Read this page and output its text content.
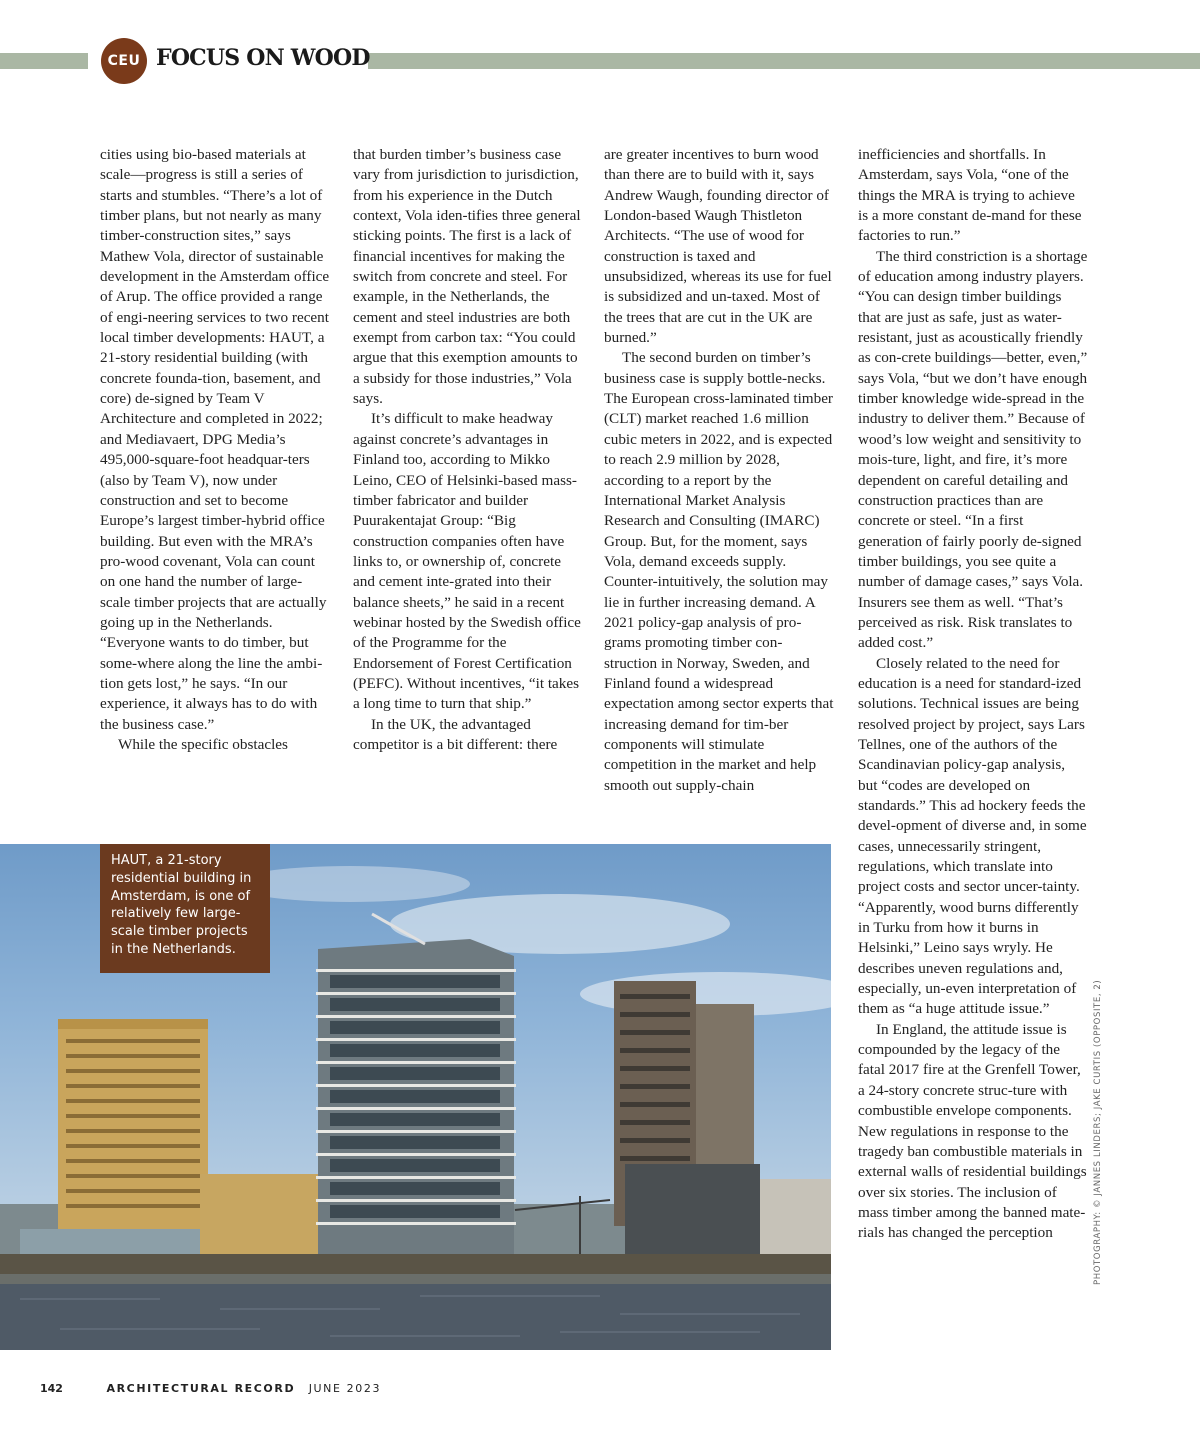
CEU FOCUS ON WOOD

cities using bio-based materials at scale—progress is still a series of starts and stumbles. “There’s a lot of timber plans, but not nearly as many timber-construction sites,” says Mathew Vola, director of sustainable development in the Amsterdam office of Arup. The office provided a range of engi-neering services to two recent local timber developments: HAUT, a 21-story residential building (with concrete founda-tion, basement, and core) de-signed by Team V Architecture and completed in 2022; and Mediavaert, DPG Media’s 495,000-square-foot headquar-ters (also by Team V), now under construction and set to become Europe’s largest timber-hybrid office building. But even with the MRA’s pro-wood covenant, Vola can count on one hand the number of large-scale timber projects that are actually going up in the Netherlands. “Everyone wants to do timber, but some-where along the line the ambi-tion gets lost,” he says. “In our experience, it always has to do with the business case.”

While the specific obstacles

that burden timber’s business case vary from jurisdiction to jurisdiction, from his experience in the Dutch context, Vola iden-tifies three general sticking points. The first is a lack of financial incentives for making the switch from concrete and steel. For example, in the Netherlands, the cement and steel industries are both exempt from carbon tax: “You could argue that this exemption amounts to a subsidy for those industries,” Vola says.

It’s difficult to make headway against concrete’s advantages in Finland too, according to Mikko Leino, CEO of Helsinki-based mass-timber fabricator and builder Puurakentajat Group: “Big construction companies often have links to, or ownership of, concrete and cement inte-grated into their balance sheets,” he said in a recent webinar hosted by the Swedish office of the Programme for the Endorsement of Forest Certification (PEFC). Without incentives, “it takes a long time to turn that ship.”

In the UK, the advantaged competitor is a bit different: there

are greater incentives to burn wood than there are to build with it, says Andrew Waugh, founding director of London-based Waugh Thistleton Architects. “The use of wood for construction is taxed and unsubsidized, whereas its use for fuel is subsidized and un-taxed. Most of the trees that are cut in the UK are burned.”

The second burden on timber’s business case is supply bottle-necks. The European cross-laminated timber (CLT) market reached 1.6 million cubic meters in 2022, and is expected to reach 2.9 million by 2028, according to a report by the International Market Analysis Research and Consulting (IMARC) Group. But, for the moment, says Vola, demand exceeds supply. Counter-intuitively, the solution may lie in further increasing demand. A 2021 policy-gap analysis of pro-grams promoting timber con-struction in Norway, Sweden, and Finland found a widespread expectation among sector experts that increasing demand for tim-ber components will stimulate competition in the market and help smooth out supply-chain

inefficiencies and shortfalls. In Amsterdam, says Vola, “one of the things the MRA is trying to achieve is a more constant de-mand for these factories to run.”

The third constriction is a shortage of education among industry players. “You can design timber buildings that are just as safe, just as water-resistant, just as acoustically friendly as con-crete buildings—better, even,” says Vola, “but we don’t have enough timber knowledge wide-spread in the industry to deliver them.” Because of wood’s low weight and sensitivity to mois-ture, light, and fire, it’s more dependent on careful detailing and construction practices than are concrete or steel. “In a first generation of fairly poorly de-signed timber buildings, you see quite a number of damage cases,” says Vola. Insurers see them as well. “That’s perceived as risk. Risk translates to added cost.”

Closely related to the need for education is a need for standard-ized solutions. Technical issues are being resolved project by project, says Lars Tellnes, one of the authors of the Scandinavian policy-gap analysis, but “codes are developed on standards.” This ad hockery feeds the devel-opment of diverse and, in some cases, unnecessarily stringent, regulations, which translate into project costs and sector uncer-tainty. “Apparently, wood burns differently in Turku from how it burns in Helsinki,” Leino says wryly. He describes uneven regulations and, especially, un-even interpretation of them as “a huge attitude issue.”

In England, the attitude issue is compounded by the legacy of the fatal 2017 fire at the Grenfell Tower, a 24-story concrete struc-ture with combustible envelope components. New regulations in response to the tragedy ban combustible materials in external walls of residential buildings over six stories. The inclusion of mass timber among the banned mate-rials has changed the perception

HAUT, a 21-story residential building in Amsterdam, is one of relatively few large-scale timber projects in the Netherlands.
PHOTOGRAPHY: © JANNES LINDERS; JAKE CURTIS (OPPOSITE, 2)
142	ARCHITECTURAL RECORD JUNE 2023
